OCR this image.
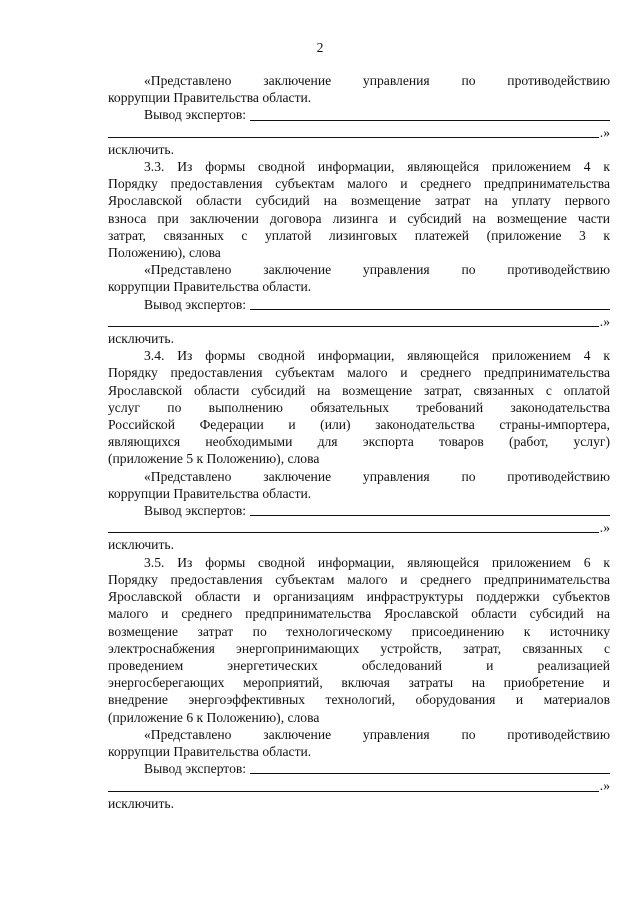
2
«Представлено заключение управления по противодействию
коррупции Правительства области.
Вывод экспертов:
.»
исключить.
3.3. Из формы сводной информации, являющейся приложением 4 к
Порядку предоставления субъектам малого и среднего предпринимательства
Ярославской области субсидий на возмещение затрат на уплату первого
взноса при заключении договора лизинга и субсидий на возмещение части
затрат, связанных с уплатой лизинговых платежей (приложение 3 к
Положению), слова
«Представлено заключение управления по противодействию
коррупции Правительства области.
Вывод экспертов:
.»
исключить.
3.4. Из формы сводной информации, являющейся приложением 4 к
Порядку предоставления субъектам малого и среднего предпринимательства
Ярославской области субсидий на возмещение затрат, связанных с оплатой
услуг по выполнению обязательных требований законодательства
Российской Федерации и (или) законодательства страны-импортера,
являющихся необходимыми для экспорта товаров (работ, услуг)
(приложение 5 к Положению), слова
«Представлено заключение управления по противодействию
коррупции Правительства области.
Вывод экспертов:
.»
исключить.
3.5. Из формы сводной информации, являющейся приложением 6 к
Порядку предоставления субъектам малого и среднего предпринимательства
Ярославской области и организациям инфраструктуры поддержки субъектов
малого и среднего предпринимательства Ярославской области субсидий на
возмещение затрат по технологическому присоединению к источнику
электроснабжения энергопринимающих устройств, затрат, связанных с
проведением энергетических обследований и реализацией
энергосберегающих мероприятий, включая затраты на приобретение и
внедрение энергоэффективных технологий, оборудования и материалов
(приложение 6 к Положению), слова
«Представлено заключение управления по противодействию
коррупции Правительства области.
Вывод экспертов:
.»
исключить.
